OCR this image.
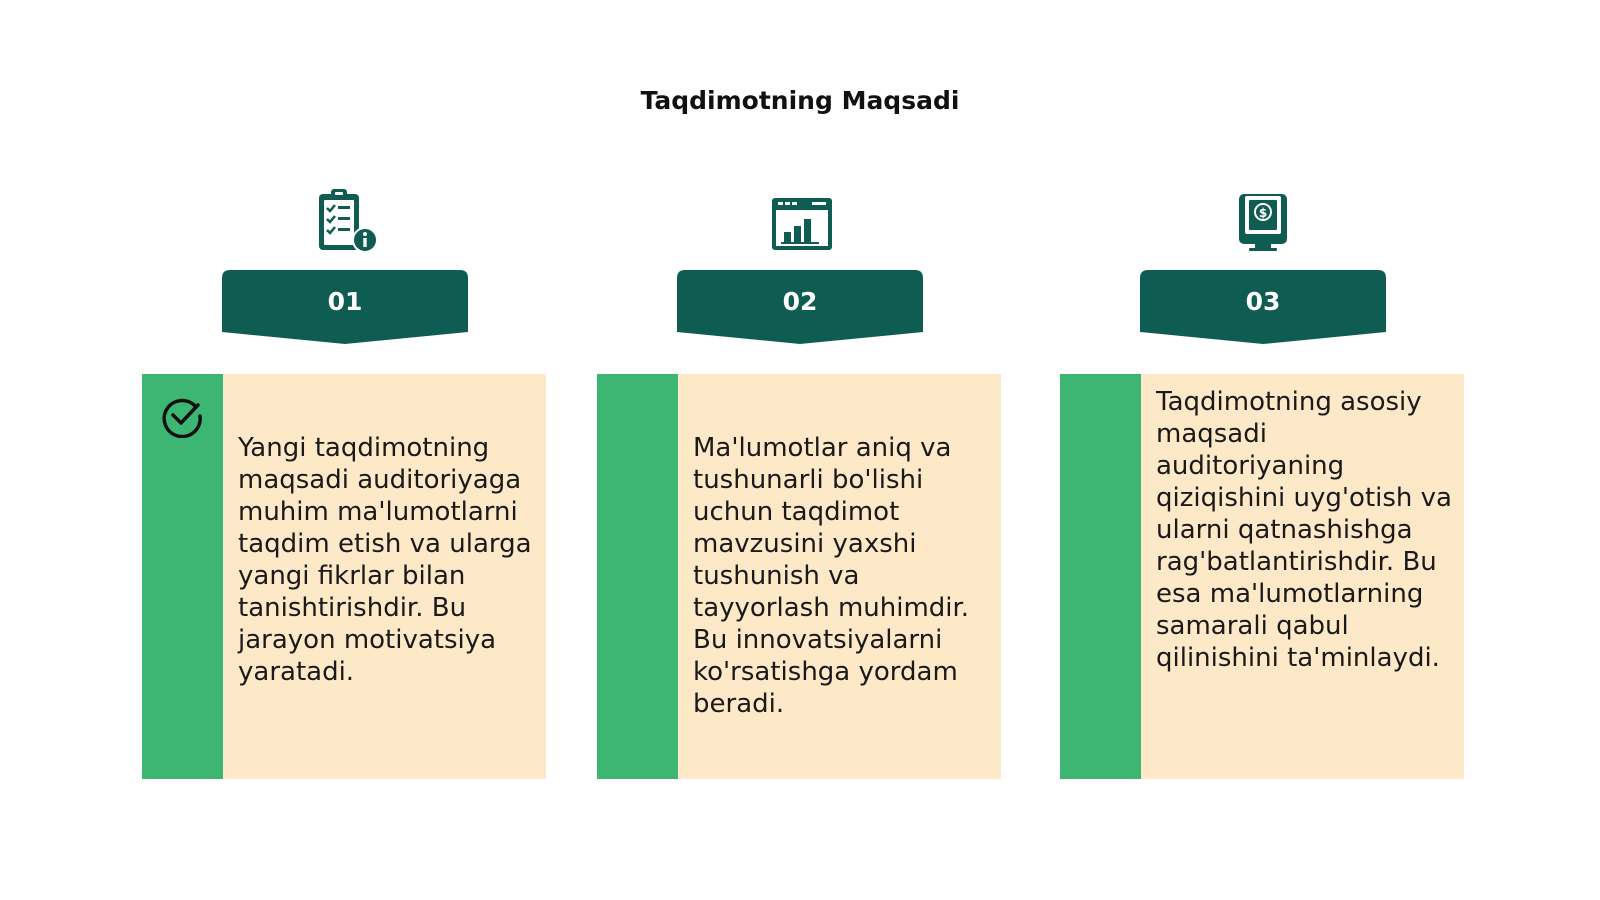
Taqdimotning Maqsadi
01
Yangi taqdimotning maqsadi auditoriyaga muhim ma'lumotlarni taqdim etish va ularga yangi fikrlar bilan tanishtirishdir. Bu jarayon motivatsiya yaratadi.
02
Ma'lumotlar aniq va tushunarli bo'lishi uchun taqdimot mavzusini yaxshi tushunish va tayyorlash muhimdir. Bu innovatsiyalarni ko'rsatishga yordam beradi.
$
03
Taqdimotning asosiy maqsadi auditoriyaning qiziqishini uyg'otish va ularni qatnashishga rag'batlantirishdir. Bu esa ma'lumotlarning samarali qabul qilinishini ta'minlaydi.
